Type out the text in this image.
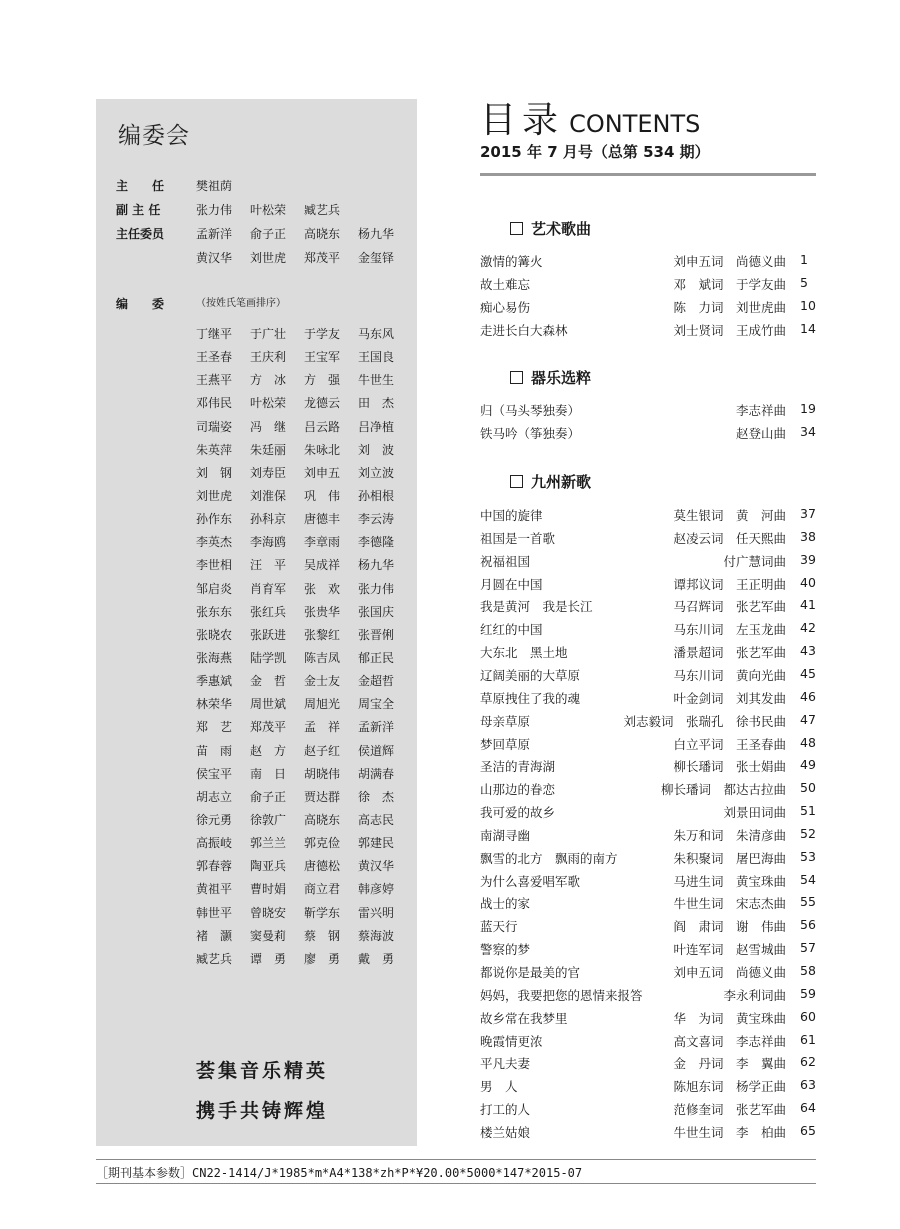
编委会
主　　任	樊祖荫
副 主 任	张力伟 叶松荣 臧艺兵
主任委员	孟新洋 俞子正 高晓东 杨九华
黄汉华 刘世虎 郑茂平 金玺铎
编　　委	（按姓氏笔画排序）
丁继平 于广壮 于学友 马东风
王圣春 王庆利 王宝军 王国良
王燕平 方　冰 方　强 牛世生
邓伟民 叶松荣 龙德云 田　杰
司瑞姿 冯　继 吕云路 吕净植
朱英萍 朱廷丽 朱咏北 刘　波
刘　钢 刘寿臣 刘申五 刘立波
刘世虎 刘淮保 巩　伟 孙相根
孙作东 孙科京 唐德丰 李云涛
李英杰 李海鸥 李章雨 李德隆
李世相 汪　平 吴成祥 杨九华
邹启炎 肖育军 张　欢 张力伟
张东东 张红兵 张贵华 张国庆
张晓农 张跃进 张黎红 张晋俐
张海燕 陆学凯 陈吉凤 郁正民
季惠斌 金　哲 金士友 金超哲
林荣华 周世斌 周旭光 周宝全
郑　艺 郑茂平 孟　祥 孟新洋
苗　雨 赵　方 赵子红 侯道辉
侯宝平 南　日 胡晓伟 胡满春
胡志立 俞子正 贾达群 徐　杰
徐元勇 徐敦广 高晓东 高志民
高振岐 郭兰兰 郭克俭 郭建民
郭春蓉 陶亚兵 唐德松 黄汉华
黄祖平 曹时娟 商立君 韩彦婷
韩世平 曾晓安 靳学东 雷兴明
褚　灏 窦曼莉 蔡　钢 蔡海波
臧艺兵 谭　勇 廖　勇 戴　勇
荟集音乐精英
携手共铸辉煌
目录 CONTENTS
2015 年 7 月号（总第 534 期）
艺术歌曲
激情的篝火	刘申五词　尚德义曲 1
故土难忘	邓　斌词　于学友曲 5
痴心易伤	陈　力词　刘世虎曲 10
走进长白大森林	刘士贤词　王成竹曲 14
器乐选粹
归（马头琴独奏）	李志祥曲 19
铁马吟（筝独奏）	赵登山曲 34
九州新歌
中国的旋律	莫生银词　黄　河曲 37
祖国是一首歌	赵凌云词　任天熙曲 38
祝福祖国	付广慧词曲 39
月圆在中国	谭邦议词　王正明曲 40
我是黄河　我是长江	马召辉词　张艺军曲 41
红红的中国	马东川词　左玉龙曲 42
大东北　黑土地	潘景超词　张艺军曲 43
辽阔美丽的大草原	马东川词　黄向光曲 45
草原拽住了我的魂	叶金剑词　刘其发曲 46
母亲草原	刘志毅词　张瑞孔　徐书民曲 47
梦回草原	白立平词　王圣春曲 48
圣洁的青海湖	柳长璠词　张士娟曲 49
山那边的眷恋	柳长璠词　都达古拉曲 50
我可爱的故乡	刘景田词曲 51
南湖寻幽	朱万和词　朱清彦曲 52
飘雪的北方　飘雨的南方	朱积聚词　屠巴海曲 53
为什么喜爱唱军歌	马进生词　黄宝珠曲 54
战士的家	牛世生词　宋志杰曲 55
蓝天行	阎　肃词　谢　伟曲 56
警察的梦	叶连军词　赵雪城曲 57
都说你是最美的官	刘申五词　尚德义曲 58
妈妈，我要把您的恩情来报答	李永利词曲 59
故乡常在我梦里	华　为词　黄宝珠曲 60
晚霞情更浓	高文喜词　李志祥曲 61
平凡夫妻	金　丹词　李　翼曲 62
男　人	陈旭东词　杨学正曲 63
打工的人	范修奎词　张艺军曲 64
楼兰姑娘	牛世生词　李　柏曲 65
［期刊基本参数］CN22-1414/J*1985*m*A4*138*zh*P*¥20.00*5000*147*2015-07
